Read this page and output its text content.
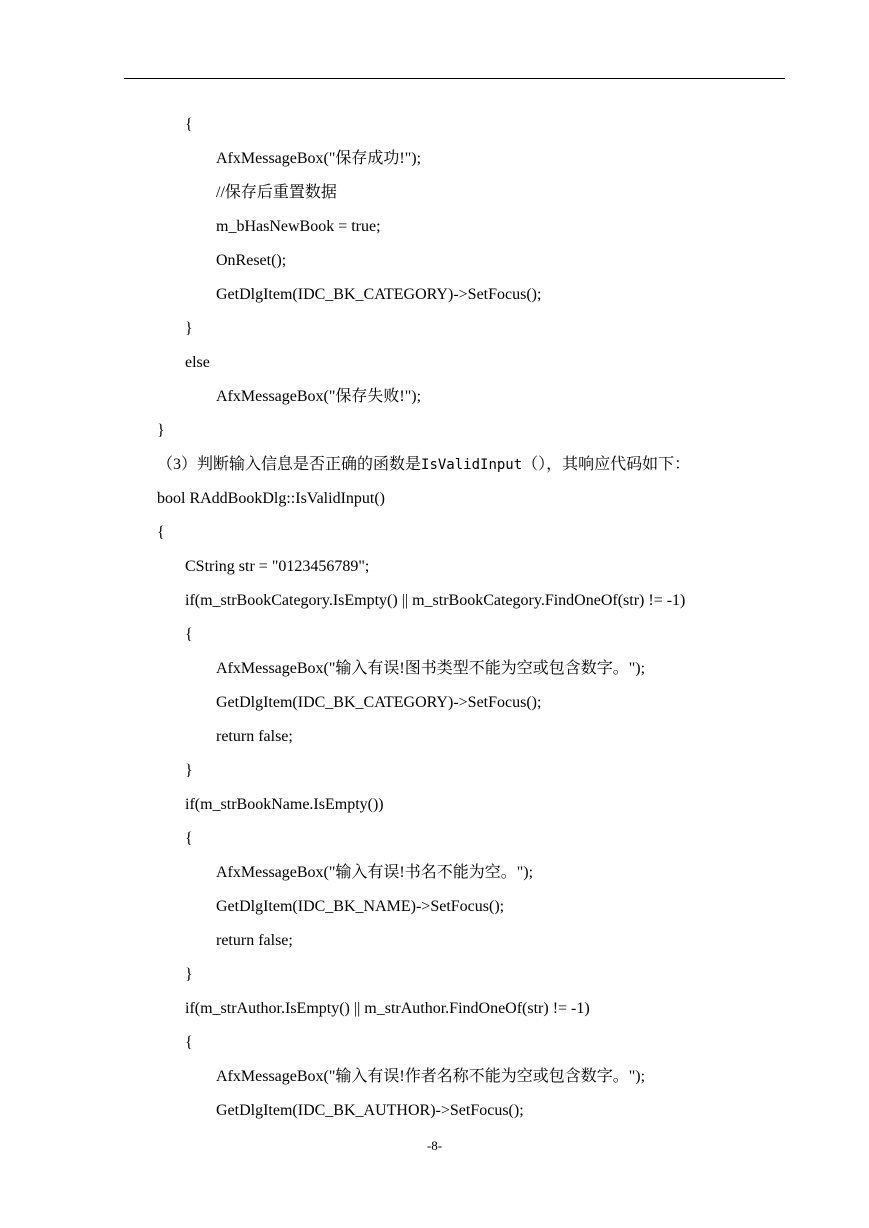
{
AfxMessageBox("保存成功!");
//保存后重置数据
m_bHasNewBook = true;
OnReset();
GetDlgItem(IDC_BK_CATEGORY)->SetFocus();
}
else
AfxMessageBox("保存失败!");
}
（3）判断输入信息是否正确的函数是IsValidInput（），其响应代码如下：
bool RAddBookDlg::IsValidInput()
{
CString str = "0123456789";
if(m_strBookCategory.IsEmpty() || m_strBookCategory.FindOneOf(str) != -1)
{
AfxMessageBox("输入有误!图书类型不能为空或包含数字。");
GetDlgItem(IDC_BK_CATEGORY)->SetFocus();
return false;
}
if(m_strBookName.IsEmpty())
{
AfxMessageBox("输入有误!书名不能为空。");
GetDlgItem(IDC_BK_NAME)->SetFocus();
return false;
}
if(m_strAuthor.IsEmpty() || m_strAuthor.FindOneOf(str) != -1)
{
AfxMessageBox("输入有误!作者名称不能为空或包含数字。");
GetDlgItem(IDC_BK_AUTHOR)->SetFocus();
-8-
